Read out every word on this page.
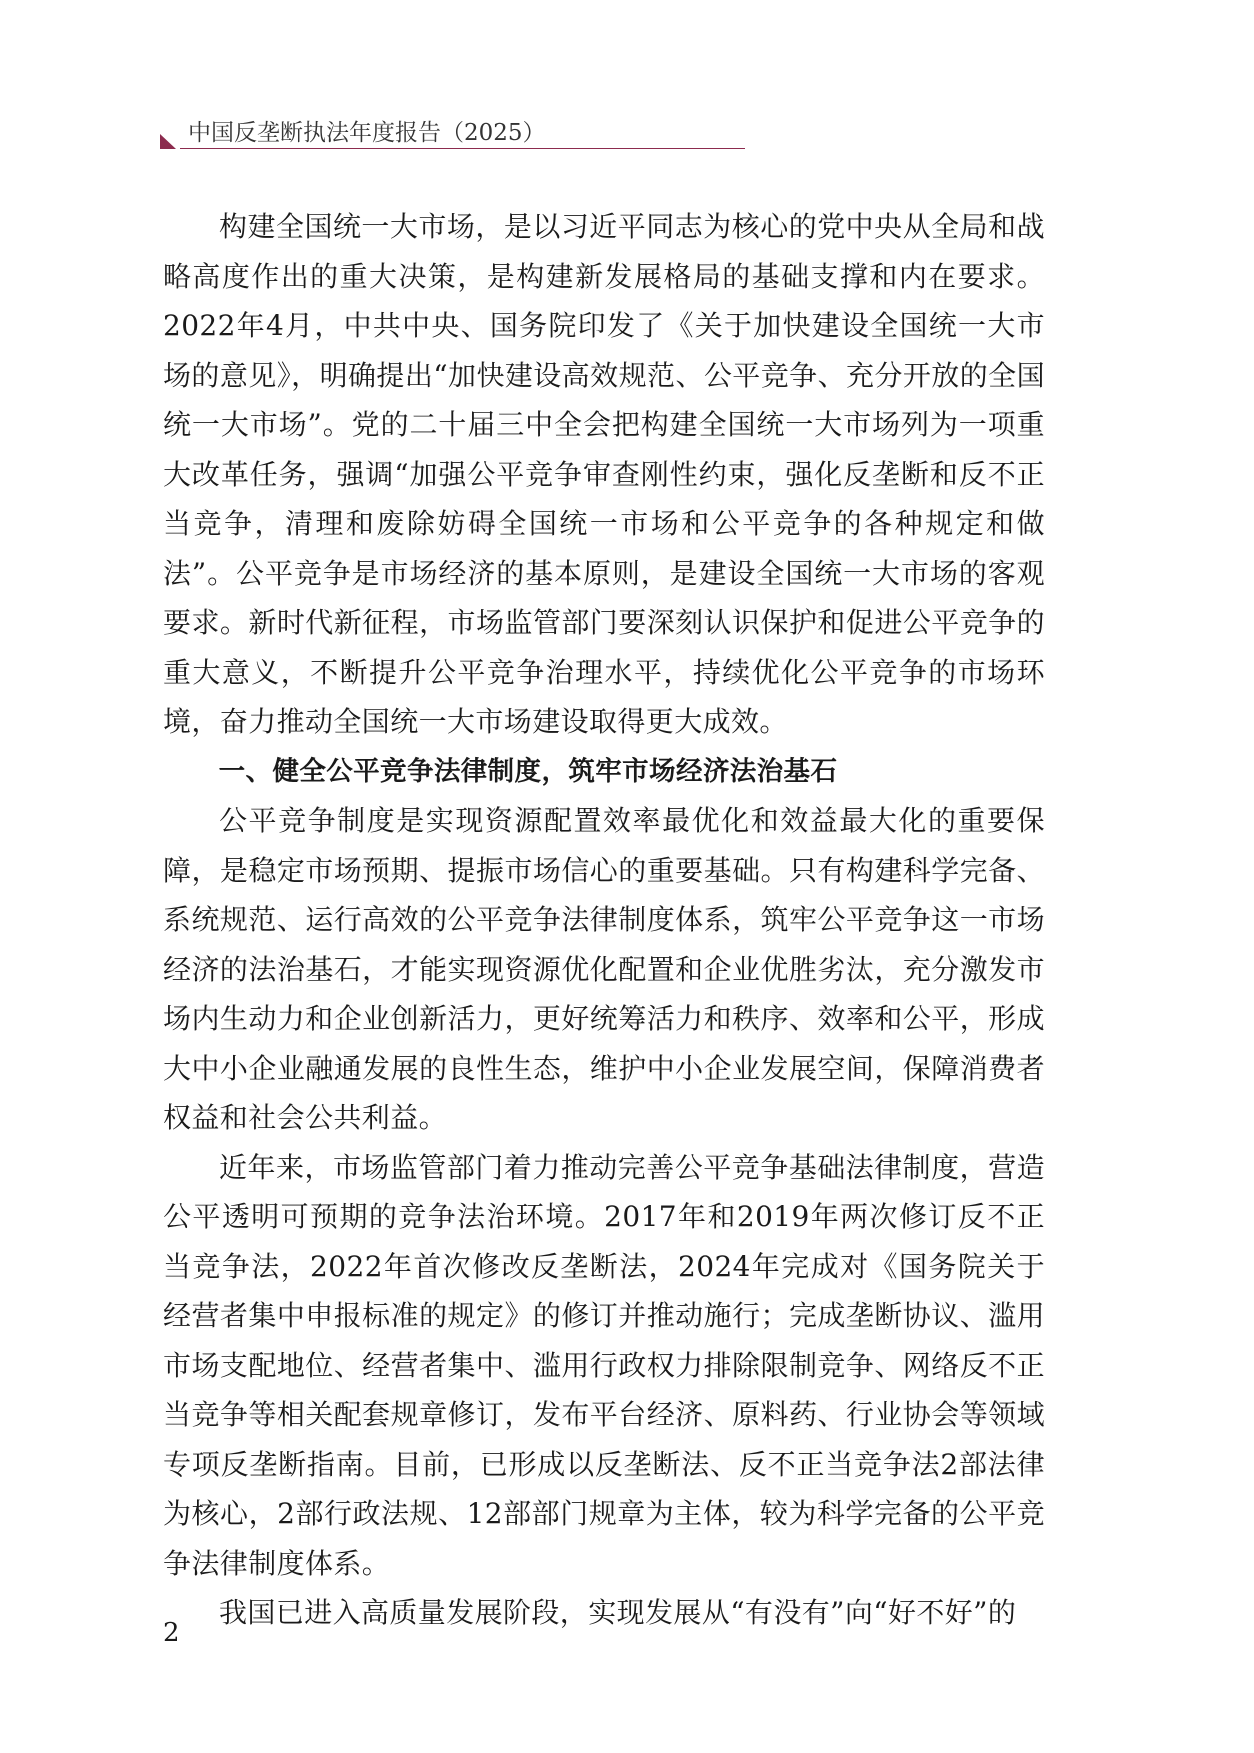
中国反垄断执法年度报告（2025）

构建全国统一大市场，是以习近平同志为核心的党中央从全局和战略高度作出的重大决策，是构建新发展格局的基础支撑和内在要求。2022年4月，中共中央、国务院印发了《关于加快建设全国统一大市场的意见》，明确提出“加快建设高效规范、公平竞争、充分开放的全国统一大市场”。党的二十届三中全会把构建全国统一大市场列为一项重大改革任务，强调“加强公平竞争审查刚性约束，强化反垄断和反不正当竞争，清理和废除妨碍全国统一市场和公平竞争的各种规定和做法”。公平竞争是市场经济的基本原则，是建设全国统一大市场的客观要求。新时代新征程，市场监管部门要深刻认识保护和促进公平竞争的重大意义，不断提升公平竞争治理水平，持续优化公平竞争的市场环境，奋力推动全国统一大市场建设取得更大成效。

一、健全公平竞争法律制度，筑牢市场经济法治基石

公平竞争制度是实现资源配置效率最优化和效益最大化的重要保障，是稳定市场预期、提振市场信心的重要基础。只有构建科学完备、系统规范、运行高效的公平竞争法律制度体系，筑牢公平竞争这一市场经济的法治基石，才能实现资源优化配置和企业优胜劣汰，充分激发市场内生动力和企业创新活力，更好统筹活力和秩序、效率和公平，形成大中小企业融通发展的良性生态，维护中小企业发展空间，保障消费者权益和社会公共利益。

近年来，市场监管部门着力推动完善公平竞争基础法律制度，营造公平透明可预期的竞争法治环境。2017年和2019年两次修订反不正当竞争法，2022年首次修改反垄断法，2024年完成对《国务院关于经营者集中申报标准的规定》的修订并推动施行；完成垄断协议、滥用市场支配地位、经营者集中、滥用行政权力排除限制竞争、网络反不正当竞争等相关配套规章修订，发布平台经济、原料药、行业协会等领域专项反垄断指南。目前，已形成以反垄断法、反不正当竞争法2部法律为核心，2部行政法规、12部部门规章为主体，较为科学完备的公平竞争法律制度体系。

我国已进入高质量发展阶段，实现发展从“有没有”向“好不好”的

2
